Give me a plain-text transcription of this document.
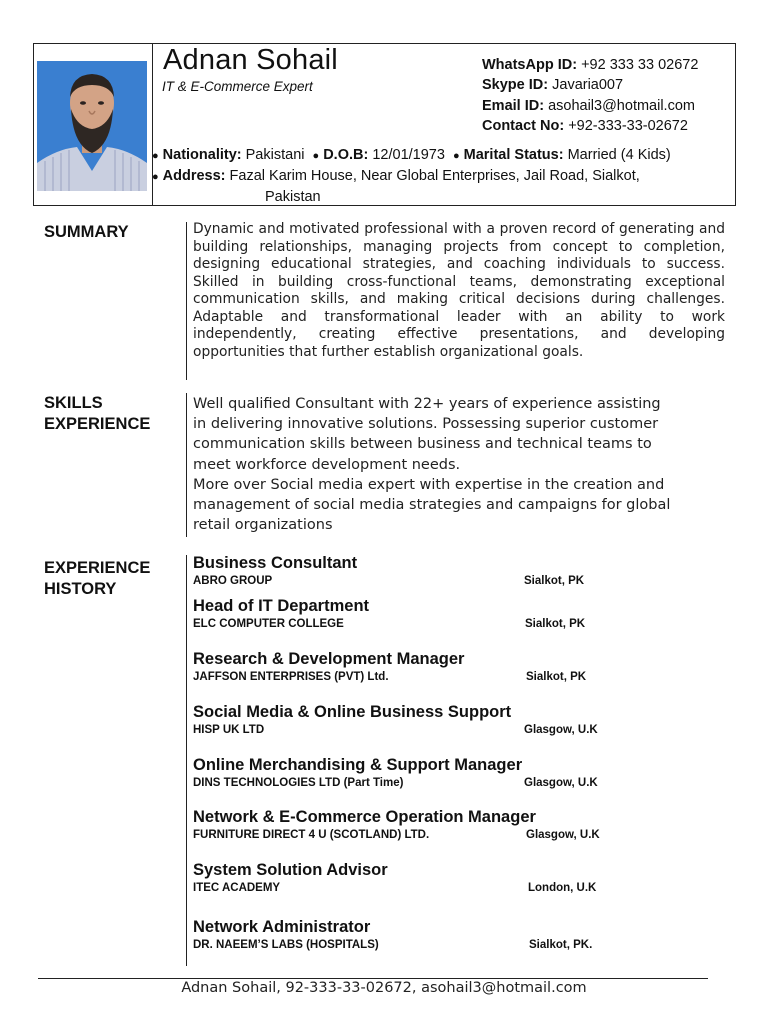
Adnan Sohail
IT & E-Commerce Expert
WhatsApp ID: +92 333 33 02672
Skype ID: Javaria007
Email ID: asohail3@hotmail.com
Contact No: +92-333-33-02672
● Nationality: Pakistani ● D.O.B: 12/01/1973 ● Marital Status: Married (4 Kids)
● Address: Fazal Karim House, Near Global Enterprises, Jail Road, Sialkot,
Pakistan
SUMMARY
SKILLS
EXPERIENCE
EXPERIENCE
HISTORY
Dynamic and motivated professional with a proven record of generating and building relationships, managing projects from concept to completion, designing educational strategies, and coaching individuals to success. Skilled in building cross-functional teams, demonstrating exceptional communication skills, and making critical decisions during challenges. Adaptable and transformational leader with an ability to work independently, creating effective presentations, and developing opportunities that further establish organizational goals.
Well qualified Consultant with 22+ years of experience assisting
in delivering innovative solutions. Possessing superior customer
communication skills between business and technical teams to
meet workforce development needs.
More over Social media expert with expertise in the creation and
management of social media strategies and campaigns for global
retail organizations
Business Consultant
ABRO GROUP	Sialkot, PK
Head of IT Department
ELC COMPUTER COLLEGE	Sialkot, PK
Research & Development Manager
JAFFSON ENTERPRISES (PVT) Ltd.	Sialkot, PK
Social Media & Online Business Support
HISP UK LTD	Glasgow, U.K
Online Merchandising & Support Manager
DINS TECHNOLOGIES LTD (Part Time)	Glasgow, U.K
Network & E-Commerce Operation Manager
FURNITURE DIRECT 4 U (SCOTLAND) LTD.	Glasgow, U.K
System Solution Advisor
ITEC ACADEMY	London, U.K
Network Administrator
DR. NAEEM’S LABS (HOSPITALS)	Sialkot, PK.
Adnan Sohail, 92-333-33-02672, asohail3@hotmail.com
